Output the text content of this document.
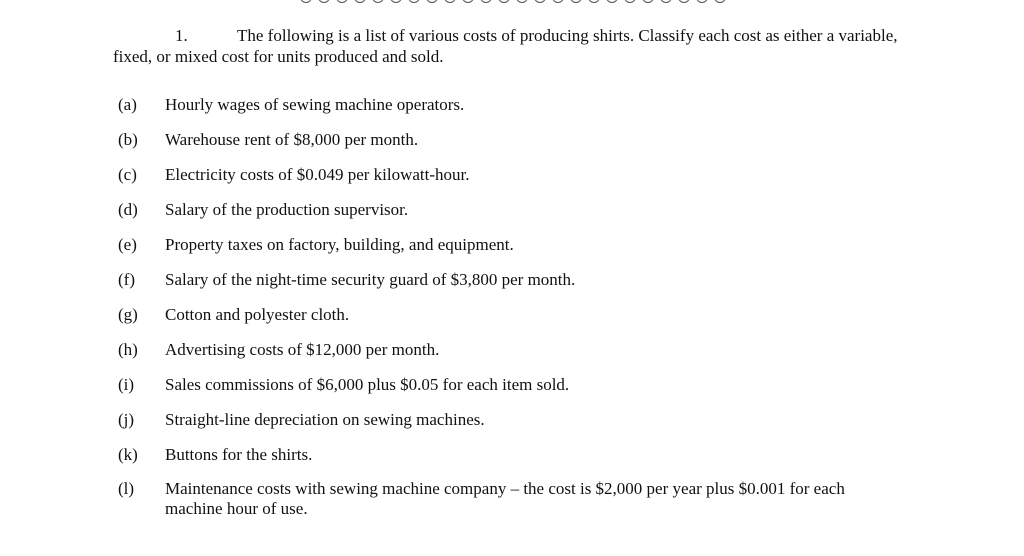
1.	The following is a list of various costs of producing shirts. Classify each cost as either a variable, fixed, or mixed cost for units produced and sold.
(a)	Hourly wages of sewing machine operators.
(b)	Warehouse rent of $8,000 per month.
(c)	Electricity costs of $0.049 per kilowatt-hour.
(d)	Salary of the production supervisor.
(e)	Property taxes on factory, building, and equipment.
(f)	Salary of the night-time security guard of $3,800 per month.
(g)	Cotton and polyester cloth.
(h)	Advertising costs of $12,000 per month.
(i)	Sales commissions of $6,000 plus $0.05 for each item sold.
(j)	Straight-line depreciation on sewing machines.
(k)	Buttons for the shirts.
(l)	Maintenance costs with sewing machine company – the cost is $2,000 per year plus $0.001 for each machine hour of use.
